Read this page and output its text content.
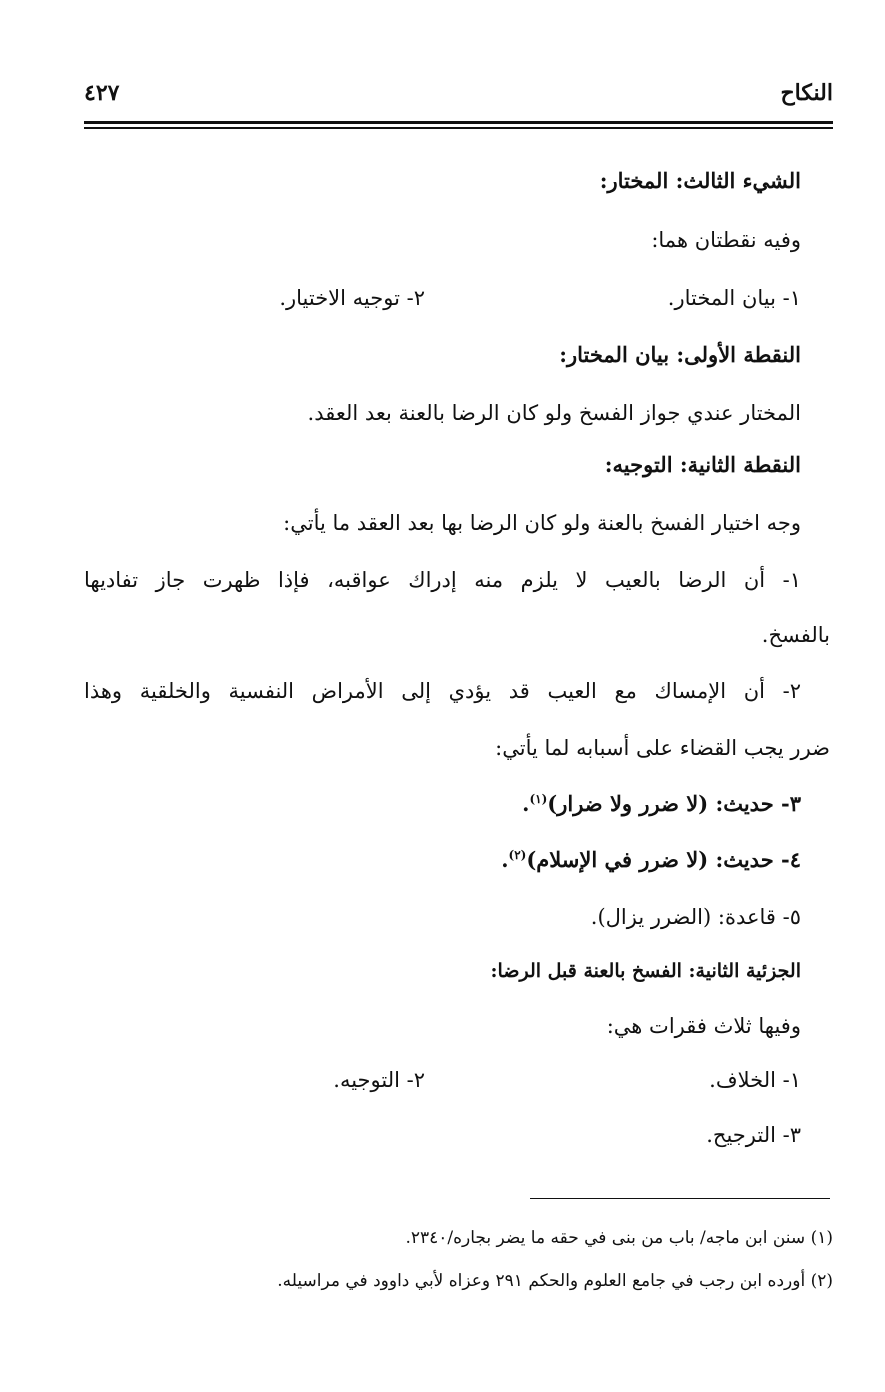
النكاح
٤٢٧
الشيء الثالث: المختار:
وفيه نقطتان هما:
١- بيان المختار.
٢- توجيه الاختيار.
النقطة الأولى: بيان المختار:
المختار عندي جواز الفسخ ولو كان الرضا بالعنة بعد العقد.
النقطة الثانية: التوجيه:
وجه اختيار الفسخ بالعنة ولو كان الرضا بها بعد العقد ما يأتي:
١- أن الرضا بالعيب لا يلزم منه إدراك عواقبه، فإذا ظهرت جاز تفاديها
بالفسخ.
٢- أن الإمساك مع العيب قد يؤدي إلى الأمراض النفسية والخلقية وهذا
ضرر يجب القضاء على أسبابه لما يأتي:
٣- حديث: (لا ضرر ولا ضرار)$^{(١)}$.
٤- حديث: (لا ضرر في الإسلام)$^{(٢)}$.
٥- قاعدة: (الضرر يزال).
الجزئية الثانية: الفسخ بالعنة قبل الرضا:
وفيها ثلاث فقرات هي:
١- الخلاف.
٢- التوجيه.
٣- الترجيح.
(١) سنن ابن ماجه/ باب من بنى في حقه ما يضر بجاره/٢٣٤٠.
(٢) أورده ابن رجب في جامع العلوم والحكم ٢٩١ وعزاه لأبي داوود في مراسيله.
